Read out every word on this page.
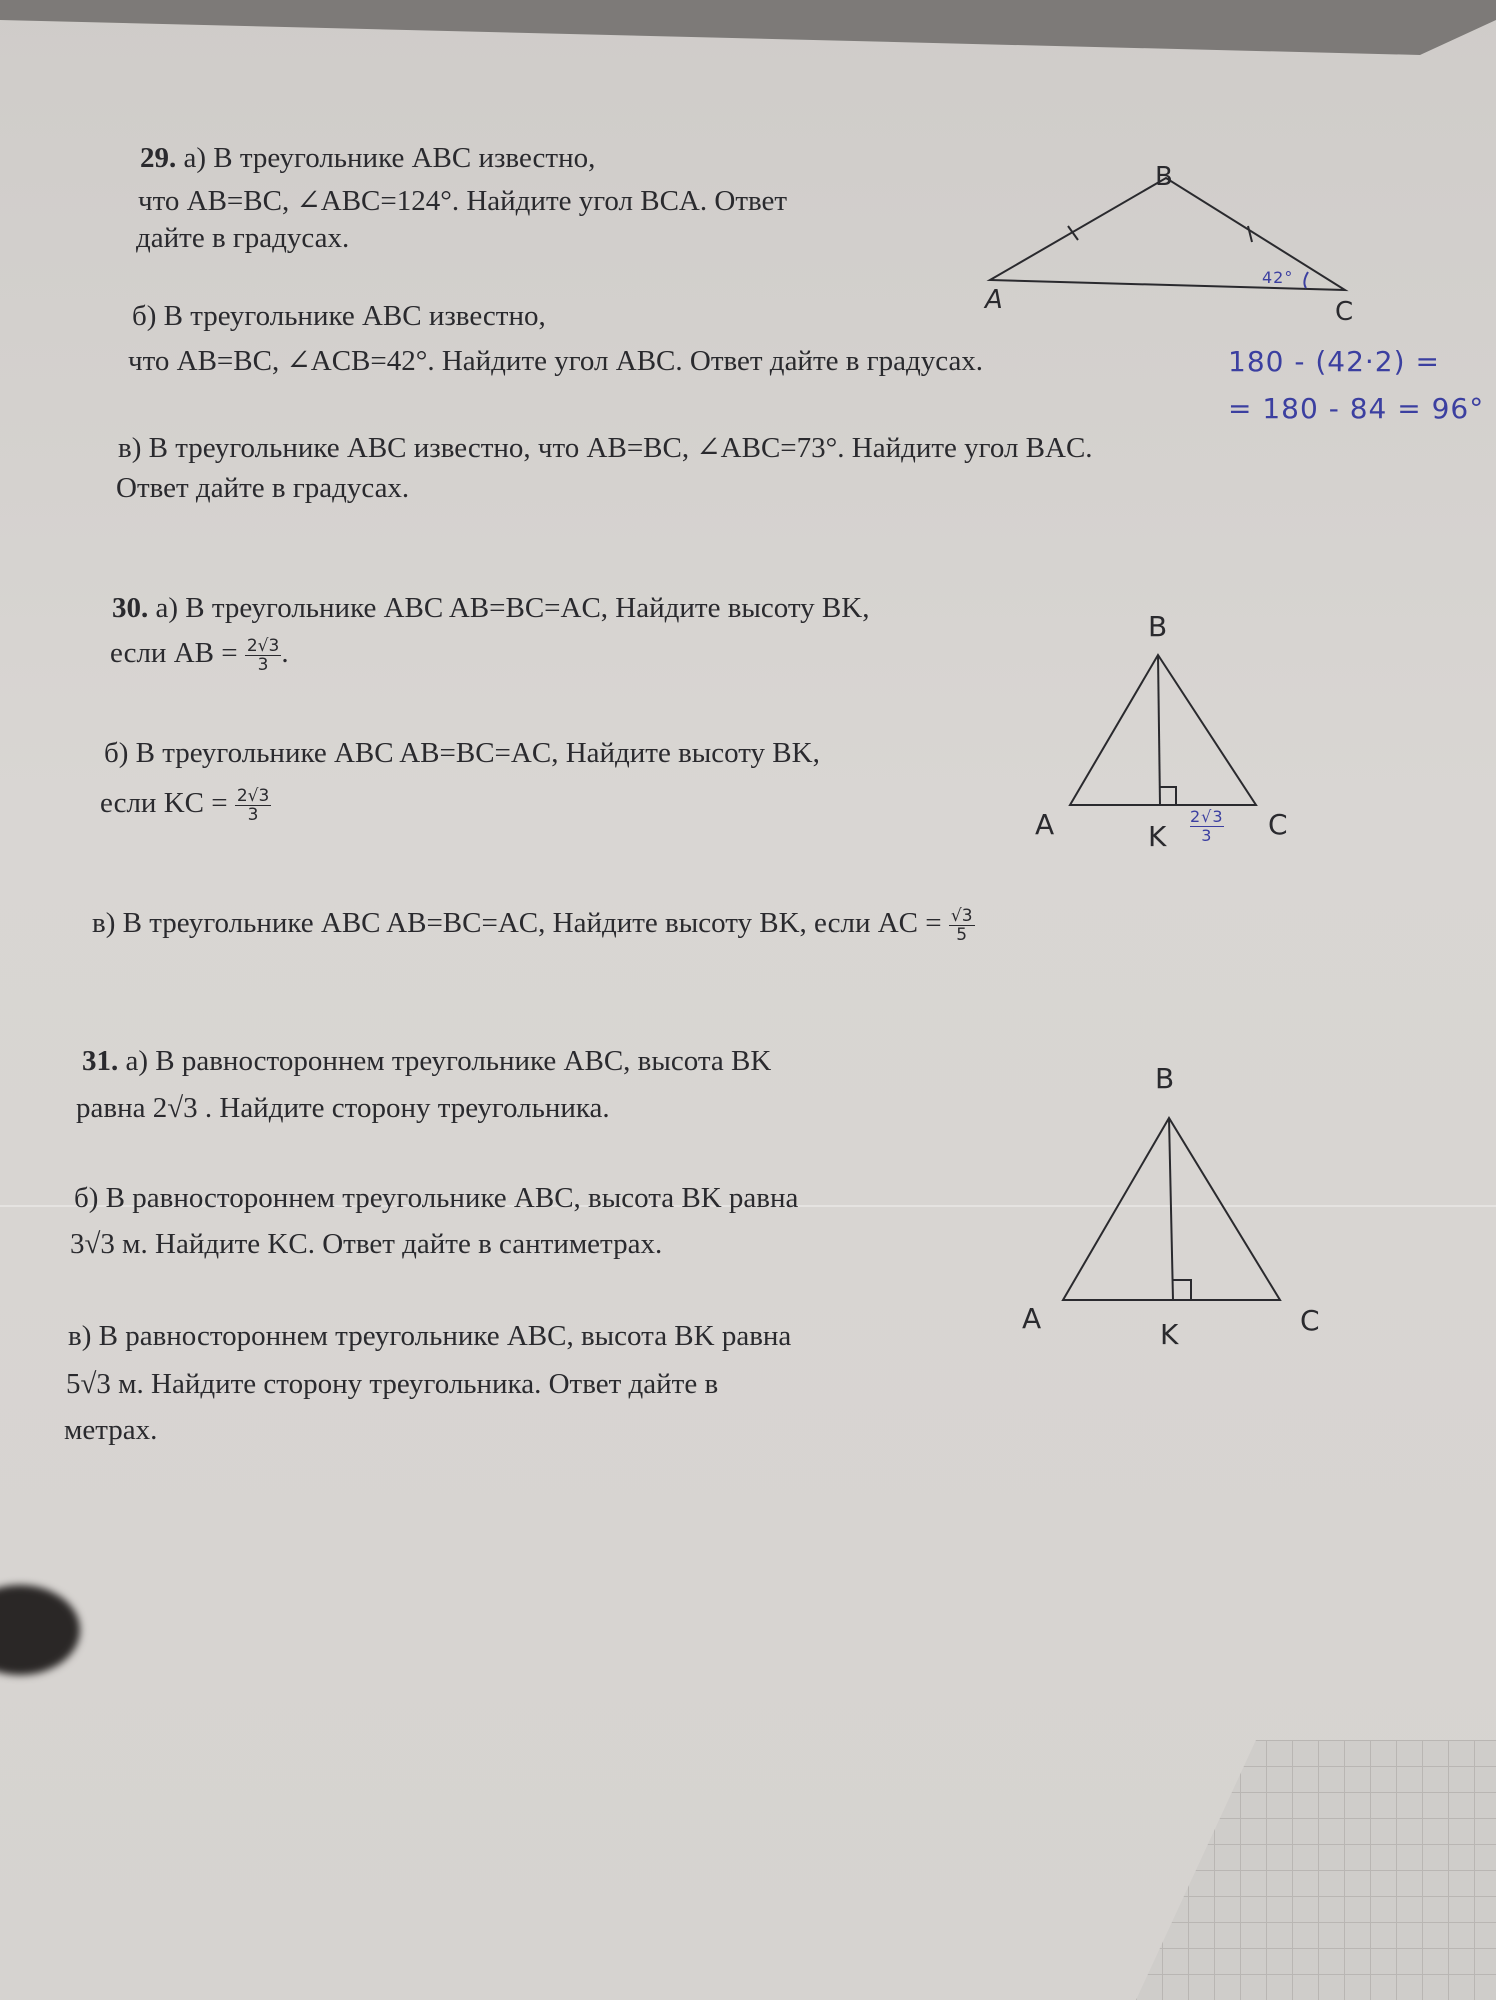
29. а) В треугольнике ABC известно,
что AB=BC, ∠ABC=124°. Найдите угол BCA. Ответ
дайте в градусах.
б) В треугольнике ABC известно,
что AB=BC, ∠ACB=42°. Найдите угол ABC. Ответ дайте в градусах.
в) В треугольнике ABC известно, что AB=BC, ∠ABC=73°. Найдите угол BAC.
Ответ дайте в градусах.
B
A	C
42°
180 - (42·2) =
= 180 - 84 = 96°
30. а) В треугольнике ABC AB=BC=AC, Найдите высоту BK,
если AB = $\frac{2√3}{3}$ .
б) В треугольнике ABC AB=BC=AC, Найдите высоту BK,
если KC = $\frac{2√3}{3}$
в) В треугольнике ABC AB=BC=AC, Найдите высоту BK, если AC = $\frac{√3}{5}$
B
A	K	C
2√3
3
31. а) В равностороннем треугольнике ABC, высота BK
равна 2√3 . Найдите сторону треугольника.
б) В равностороннем треугольнике ABC, высота BK равна
3√3 м. Найдите KC. Ответ дайте в сантиметрах.
в) В равностороннем треугольнике ABC, высота BK равна
5√3 м. Найдите сторону треугольника. Ответ дайте в
метрах.
B
A	K	C
